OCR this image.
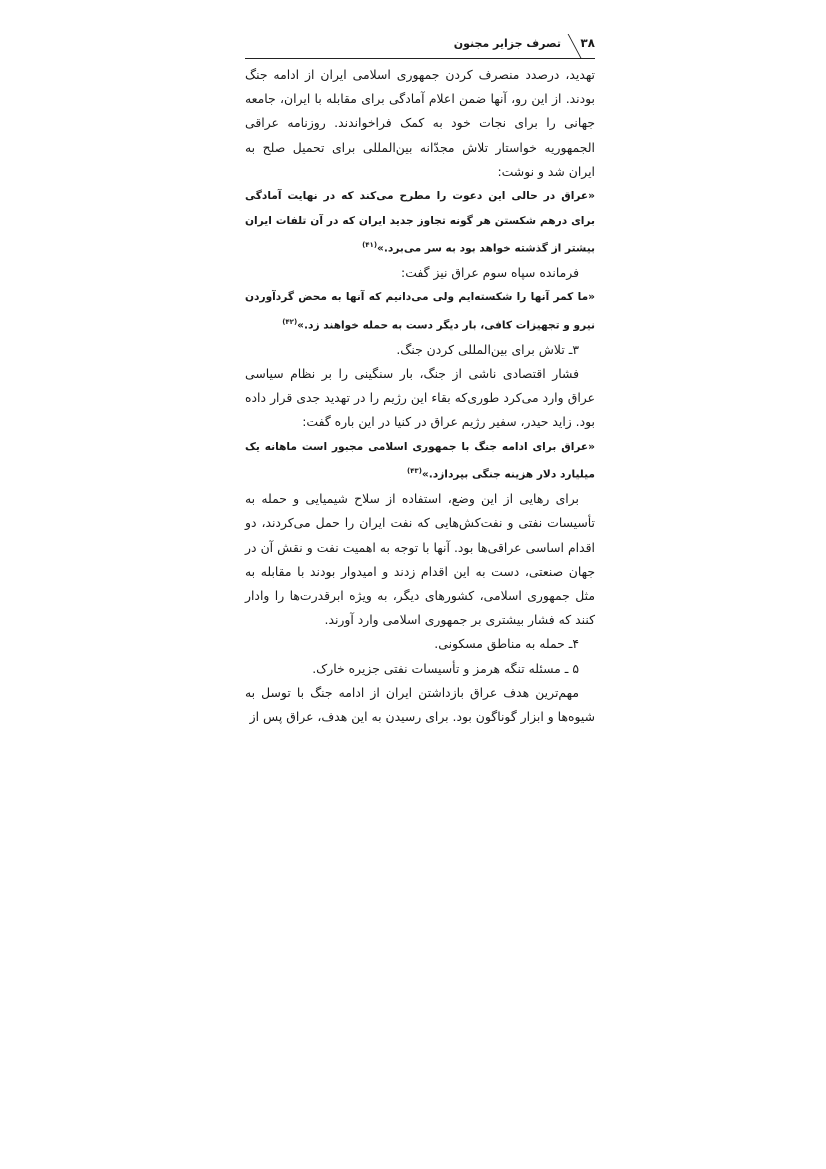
۳۸
تصرف جزایر مجنون

تهدید، درصدد منصرف کردن جمهوری اسلامی ایران از ادامه جنگ بودند. از این رو، آنها ضمن اعلام آمادگی برای مقابله با ایران، جامعه جهانی را برای نجات خود به کمک فراخواندند. روزنامه عراقی الجمهوریه خواستار تلاش مجدّانه بین‌المللی برای تحمیل صلح به ایران شد و نوشت:

«عراق در حالی این دعوت را مطرح می‌کند که در نهایت آمادگی برای درهم شکستن هر گونه تجاوز جدید ایران که در آن تلفات ایران بیشتر از گذشته خواهد بود به سر می‌برد.»$^{(۴۱)}$

فرمانده سپاه سوم عراق نیز گفت:

«ما کمر آنها را شکسته‌ایم ولی می‌دانیم که آنها به محض گردآوردن نیرو و تجهیزات کافی، بار دیگر دست به حمله خواهند زد.»$^{(۴۲)}$

۳ـ تلاش برای بین‌المللی کردن جنگ.

فشار اقتصادی ناشی از جنگ، بار سنگینی را بر نظام سیاسی عراق وارد می‌کرد طوری‌که بقاء این رژیم را در تهدید جدی قرار داده بود. زاید حیدر، سفیر رژیم عراق در کنیا در این باره گفت:

«عراق برای ادامه جنگ با جمهوری اسلامی مجبور است ماهانه یک میلیارد دلار هزینه جنگی بپردازد.»$^{(۴۳)}$

برای رهایی از این وضع، استفاده از سلاح شیمیایی و حمله به تأسیسات نفتی و نفت‌کش‌هایی که نفت ایران را حمل می‌کردند، دو اقدام اساسی عراقی‌ها بود. آنها با توجه به اهمیت نفت و نقش آن در جهان صنعتی، دست به این اقدام زدند و امیدوار بودند با مقابله به مثل جمهوری اسلامی، کشورهای دیگر، به ویژه ابرقدرت‌ها را وادار کنند که فشار بیشتری بر جمهوری اسلامی وارد آورند.

۴ـ حمله به مناطق مسکونی.

۵ ـ مسئله تنگه هرمز و تأسیسات نفتی جزیره خارک.

مهم‌ترین هدف عراق بازداشتن ایران از ادامه جنگ با توسل به شیوه‌ها و ابزار گوناگون بود. برای رسیدن به این هدف، عراق پس از
